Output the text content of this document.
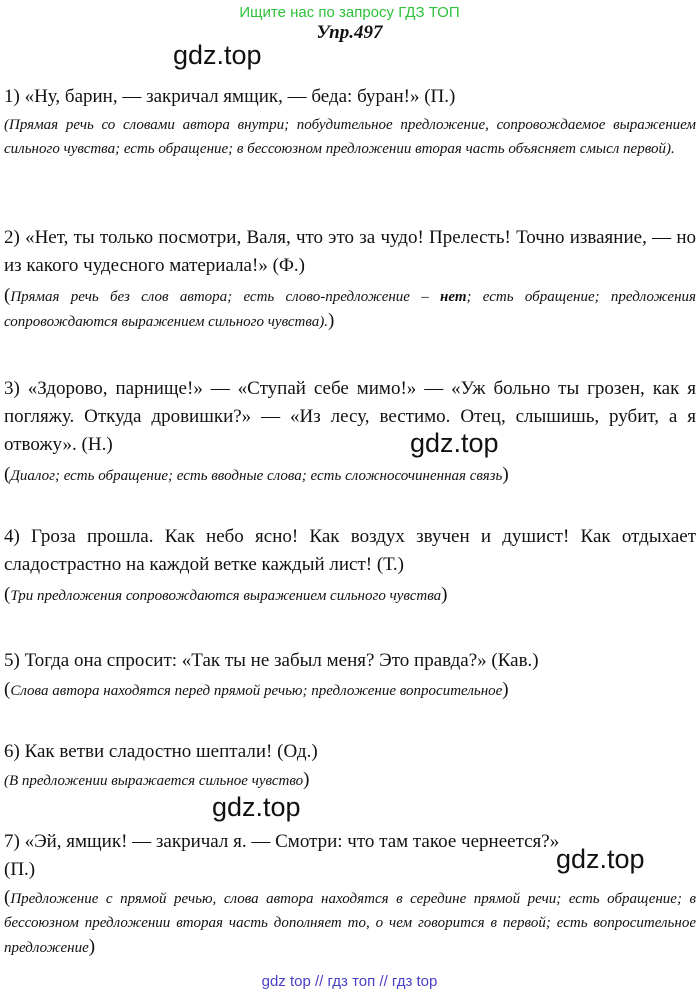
Ищите нас по запросу ГДЗ ТОП
Упр.497
gdz.top
1) «Ну, барин, — закричал ямщик, — беда: буран!» (П.)
(Прямая речь со словами автора внутри; побудительное предложение, сопровождаемое выражением сильного чувства; есть обращение; в бессоюзном предложении вторая часть объясняет смысл первой).
2) «Нет, ты только посмотри, Валя, что это за чудо! Прелесть! Точно изваяние, — но из какого чудесного материала!» (Ф.)
(Прямая речь без слов автора; есть слово-предложение – нет; есть обращение; предложения сопровождаются выражением сильного чувства).)
3) «Здорово, парнище!» — «Ступай себе мимо!» — «Уж больно ты грозен, как я погляжу. Откуда дровишки?» — «Из лесу, вестимо. Отец, слышишь, рубит, а я отвожу». (Н.)
(Диалог; есть обращение; есть вводные слова; есть сложносочиненная связь)
gdz.top
4) Гроза прошла. Как небо ясно! Как воздух звучен и душист! Как отдыхает сладострастно на каждой ветке каждый лист! (Т.)
(Три предложения сопровождаются выражением сильного чувства)
5) Тогда она спросит: «Так ты не забыл меня? Это правда?» (Кав.)
(Слова автора находятся перед прямой речью; предложение вопросительное)
6) Как ветви сладостно шептали! (Од.)
(В предложении выражается сильное чувство)
gdz.top
7) «Эй, ямщик! — закричал я. — Смотри: что там такое чернеется?» (П.)
(Предложение с прямой речью, слова автора находятся в середине прямой речи; есть обращение; в бессоюзном предложении вторая часть дополняет то, о чем говорится в первой; есть вопросительное предложение)
gdz.top
gdz top // гдз топ // гдз top
